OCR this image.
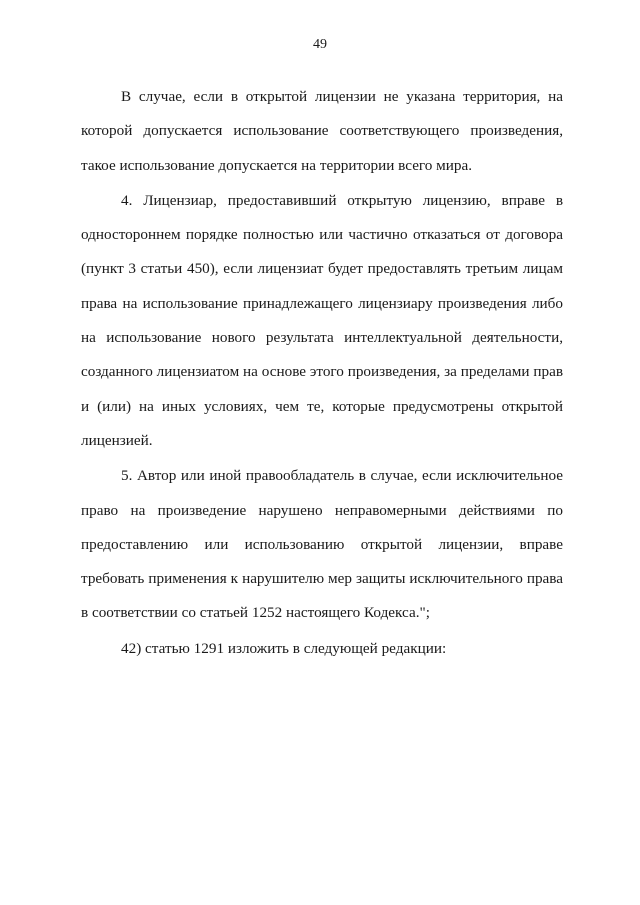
49

В случае, если в открытой лицензии не указана территория, на которой допускается использование соответствующего произведения, такое использование допускается на территории всего мира.

4. Лицензиар, предоставивший открытую лицензию, вправе в одностороннем порядке полностью или частично отказаться от договора (пункт 3 статьи 450), если лицензиат будет предоставлять третьим лицам права на использование принадлежащего лицензиару произведения либо на использование нового результата интеллектуальной деятельности, созданного лицензиатом на основе этого произведения, за пределами прав и (или) на иных условиях, чем те, которые предусмотрены открытой лицензией.

5. Автор или иной правообладатель в случае, если исключительное право на произведение нарушено неправомерными действиями по предоставлению или использованию открытой лицензии, вправе требовать применения к нарушителю мер защиты исключительного права в соответствии со статьей 1252 настоящего Кодекса.";

42) статью 1291 изложить в следующей редакции:
